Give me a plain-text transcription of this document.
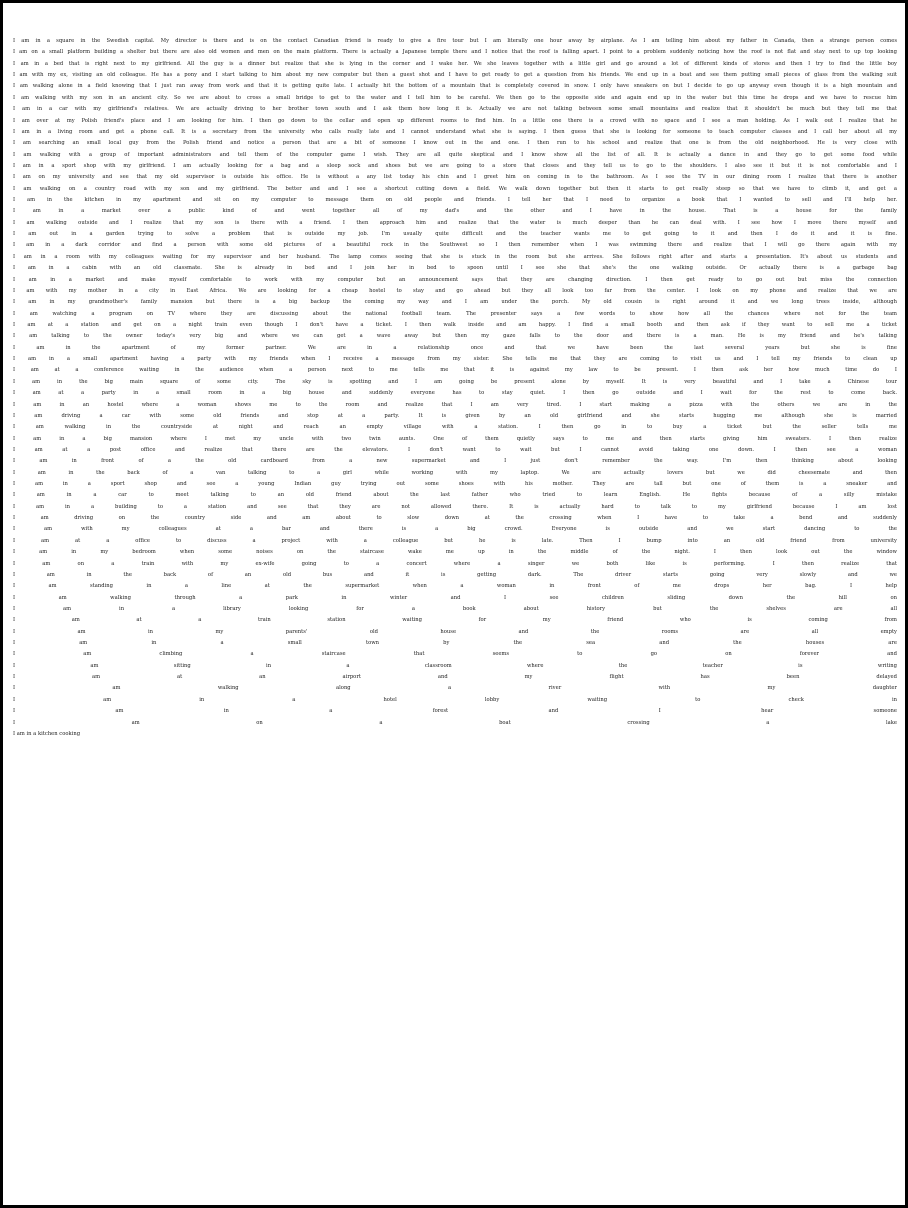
I am in a square in the Swedish capital. My director is there and is on the contact Canadian friend is ready to give a fire tour but I am literally one hour away by airplane. As I am telling him about my father in Canada, then a strange person comes
I am on a small platform building a shelter but there are also old women and men on the main platform. There is actually a Japanese temple there and I notice that the roof is falling apart. I point to a problem suddenly noticing how the roof is not flat and stay next to up top looking
I am in a bed that is right next to my girlfriend. All the guy is a dinner but realize that she is lying in the corner and I wake her. We she leaves together with a little girl and go around a lot of different kinds of stores and then I try to find the little boy
I am with my ex, visiting an old colleague. He has a pony and I start talking to him about my new computer but then a guest shot and I have to get ready to get a question from his friends. We end up in a boat and see them putting small pieces of glass from the walking suit
I am walking alone in a field knowing that I just ran away from work and that it is getting quite late. I actually hit the bottom of a mountain that is completely covered in snow. I only have sneakers on but I decide to go up anyway even though it is a high mountain and
I am walking with my son in an ancient city. So we are about to cross a small bridge to get to the water and I tell him to be careful. We then go to the opposite side and again end up in the water but this time he drops and we have to rescue him
I am in a car with my girlfriend's relatives. We are actually driving to her brother town south and I ask them how long it is. Actually we are not talking between some small mountains and realize that it shouldn't be much but they tell me that
I am over at my Polish friend's place and I am looking for him. I then go down to the cellar and open up different rooms to find him. In a little one there is a crowd with no space and I see a man holding. As I walk out I realize that he
I am in a living room and get a phone call. It is a secretary from the university who calls really late and I cannot understand what she is saying. I then guess that she is looking for someone to teach computer classes and I call her about all my
I am searching an small local guy from the Polish friend and notice a person that are a bit of someone I know out in the and one. I then run to his school and realize that one is from the old neighborhood. He is very close with
I am walking with a group of important administrators and tell them of the computer game I wish. They are all quite skeptical and I know show all the list of all. It is actually a dance in and they go to get some food while
I am in a sport shop with my girlfriend. I am actually looking for a bag and a sleep sock and shoes but we are going to a store that closes and they tell us to go to the shoulders. I also see it but it is not comfortable and I
I am on my university and see that my old supervisor is outside his office. He is without a any list today his chin and I greet him on coming in to the bathroom. As I see the TV in our dining room I realize that there is another
I am walking on a country road with my son and my girlfriend. The better and and I see a shortcut cutting down a field. We walk down together but then it starts to get really steep so that we have to climb it, and get a
I am in the kitchen in my apartment and sit on my computer to message them on old people and friends. I tell her that I need to organize a book that I wanted to sell and I'll help her.
I am in a market over a public kind of and went together all of my dad's and the other and I have in the house. That is a house for the family
I am walking outside and I realize that my son is there with a friend. I then approach him and realize that the water is much deeper than he can deal with. I see how I move there myself and
I am out in a garden trying to solve a problem that is outside my job. I'm usually quite difficult and the teacher wants me to get going to it and then I do it and it is fine.
I am in a dark corridor and find a person with some old pictures of a beautiful rock in the Southwest so I then remember when I was swimming there and realize that I will go there again with my
I am in a room with my colleagues waiting for my supervisor and her husband. The lamp comes seeing that she is stuck in the room but she arrives. She follows right after and starts a presentation. It's about us students and
I am in a cabin with an old classmate. She is already in bed and I join her in bed to spoon until I see she that she's the one walking outside. Or actually there is a garbage bag
I am in a market and make myself comfortable to work with my computer but an announcement says that they are changing direction. I then get ready to go out but miss the connection
I am with my mother in a city in East Africa. We are looking for a cheap hostel to stay and go ahead but they all look too far from the center. I look on my phone and realize that we are
I am in my grandmother's family mansion but there is a big backup the coming my way and I am under the porch. My old cousin is right around it and we long trees inside, although
I am watching a program on TV where they are discussing about the national football team. The presenter says a few words to show how all the chances where not for the team
I am at a station and get on a night train even though I don't have a ticket. I then walk inside and am happy. I find a small booth and then ask if they want to sell me a ticket
I am talking to the owner today's very big and where we can get a wave away but then my gaze falls to the door and there is a man. He is my friend and he's talking
I am in the apartment of my former partner. We are in a relationship once and that we have been the last several years but she is fine
I am in a small apartment having a party with my friends when I receive a message from my sister. She tells me that they are coming to visit us and I tell my friends to clean up
I am at a conference waiting in the audience when a person next to me tells me that it is against my law to be present. I then ask her how much time do I
I am in the big main square of some city. The sky is spotting and I am going be present alone by myself. It is very beautiful and I take a Chinese tour
I am at a party in a small room in a big house and suddenly everyone has to stay quiet. I then go outside and I wait for the rest to come back.
I am in an hostel where a woman shows me to the room and realize that I am very tired. I start making a pizza with the others we are in the
I am driving a car with some old friends and stop at a party. It is given by an old girlfriend and she starts hugging me although she is married
I am walking in the countryside at night and reach an empty village with a station. I then go in to buy a ticket but the seller tells me
I am in a big mansion where I met my uncle with two twin aunts. One of them quietly says to me and then starts giving him sweaters. I then realize
I am at a post office and realize that there are the elevators. I don't want to wait but I cannot avoid taking one down. I then see a woman
I am in front of a the old cardboard from a new supermarket and I just don't remember the way. I'm then thinking about looking
I am in the back of a van talking to a girl while working with my laptop. We are actually lovers but we did cheesemate and then
I am in a sport shop and see a young Indian guy trying out some shoes with his mother. They are tall but one of them is a sneaker and
I am in a car to meet talking to an old friend about the last father who tried to learn English. He fights because of a silly mistake
I am in a building to a station and see that they are not allowed there. It is actually hard to talk to my girlfriend because I am lost
I am driving on the country side and am about to slow down at the crossing when I have to take a bend and suddenly
I am with my colleagues at a bar and there is a big crowd. Everyone is outside and we start dancing to the
I am at a office to discuss a project with a colleague but he is late. Then I bump into an old friend from university
I am in my bedroom when some noises on the staircase wake me up in the middle of the night. I then look out the window
I am on a train with my ex-wife going to a concert where a singer we both like is performing. I then realize that
I am in the back of an old bus and it is getting dark. The driver starts going very slowly and we
I am standing in a line at the supermarket when a woman in front of me drops her bag. I help
I am walking through a park in winter and I see children sliding down the hill on
I am in a library looking for a book about history but the shelves are all
I am at a train station waiting for my friend who is coming from
I am in my parents' old house and the rooms are all empty
I am in a small town by the sea and the houses are
I am climbing a staircase that seems to go on forever and
I am sitting in a classroom where the teacher is writing
I am at an airport and my flight has been delayed
I am walking along a river with my daughter
I am in a hotel lobby waiting to check in
I am in a forest and I hear someone
I am on a boat crossing a lake
I am in a kitchen cooking
